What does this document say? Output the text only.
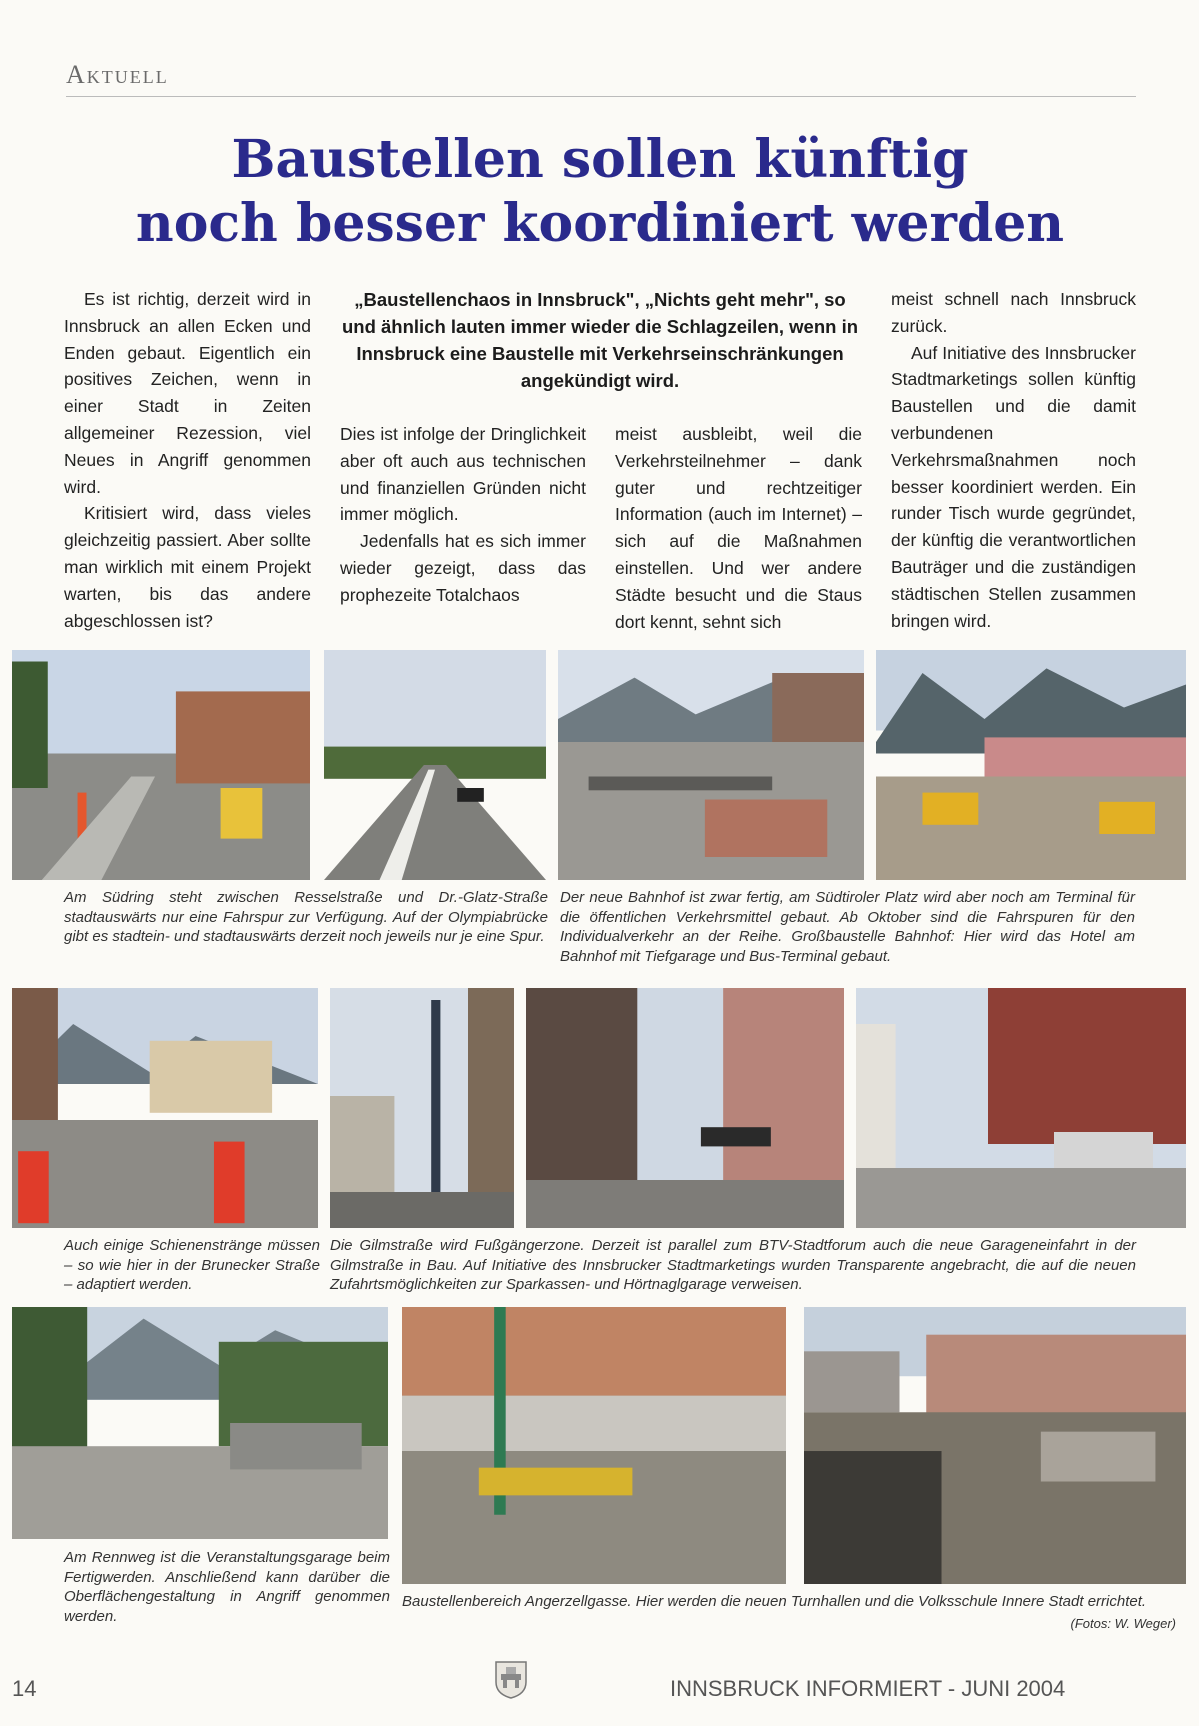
Aktuell
Baustellen sollen künftig
noch besser koordiniert werden

Es ist richtig, derzeit wird in Innsbruck an allen Ecken und Enden gebaut. Eigentlich ein positives Zeichen, wenn in einer Stadt in Zeiten allgemeiner Rezession, viel Neues in Angriff genommen wird.

Kritisiert wird, dass vieles gleichzeitig passiert. Aber sollte man wirklich mit einem Projekt warten, bis das andere abgeschlossen ist?

„Baustellenchaos in Innsbruck", „Nichts geht mehr", so und ähnlich lauten immer wieder die Schlagzeilen, wenn in Innsbruck eine Baustelle mit Verkehrseinschränkungen angekündigt wird.

Dies ist infolge der Dringlichkeit aber oft auch aus technischen und finanziellen Gründen nicht immer möglich.

Jedenfalls hat es sich immer wieder gezeigt, dass das prophezeite Totalchaos

meist ausbleibt, weil die Verkehrsteilnehmer – dank guter und rechtzeitiger Information (auch im Internet) – sich auf die Maßnahmen einstellen. Und wer andere Städte besucht und die Staus dort kennt, sehnt sich

meist schnell nach Innsbruck zurück.

Auf Initiative des Innsbrucker Stadtmarketings sollen künftig Baustellen und die damit verbundenen Verkehrsmaßnahmen noch besser koordiniert werden. Ein runder Tisch wurde gegründet, der künftig die verantwortlichen Bauträger und die zuständigen städtischen Stellen zusammen bringen wird.

Am Südring steht zwischen Resselstraße und Dr.-Glatz-Straße stadtauswärts nur eine Fahrspur zur Verfügung. Auf der Olympiabrücke gibt es stadtein- und stadtauswärts derzeit noch jeweils nur je eine Spur.
Der neue Bahnhof ist zwar fertig, am Südtiroler Platz wird aber noch am Terminal für die öffentlichen Verkehrsmittel gebaut. Ab Oktober sind die Fahrspuren für den Individualverkehr an der Reihe. Großbaustelle Bahnhof: Hier wird das Hotel am Bahnhof mit Tiefgarage und Bus-Terminal gebaut.
Auch einige Schienenstränge müssen – so wie hier in der Brunecker Straße – adaptiert werden.
Die Gilmstraße wird Fußgängerzone. Derzeit ist parallel zum BTV-Stadtforum auch die neue Garageneinfahrt in der Gilmstraße in Bau. Auf Initiative des Innsbrucker Stadtmarketings wurden Transparente angebracht, die auf die neuen Zufahrtsmöglichkeiten zur Sparkassen- und Hörtnaglgarage verweisen.
Am Rennweg ist die Veranstaltungsgarage beim Fertigwerden. Anschließend kann darüber die Oberflächengestaltung in Angriff genommen werden.
Baustellenbereich Angerzellgasse. Hier werden die neuen Turnhallen und die Volksschule Innere Stadt errichtet.
(Fotos: W. Weger)
14	INNSBRUCK INFORMIERT - JUNI 2004
